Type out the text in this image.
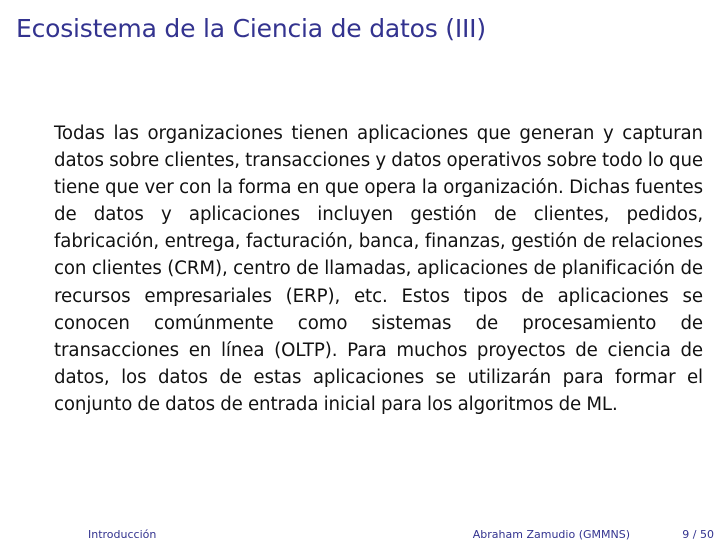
Ecosistema de la Ciencia de datos (III)
Todas las organizaciones tienen aplicaciones que generan y capturan datos sobre clientes, transacciones y datos operativos sobre todo lo que tiene que ver con la forma en que opera la organización. Dichas fuentes de datos y aplicaciones incluyen gestión de clientes, pedidos, fabricación, entrega, facturación, banca, finanzas, gestión de relaciones con clientes (CRM), centro de llamadas, aplicaciones de planificación de recursos empresariales (ERP), etc. Estos tipos de aplicaciones se conocen comúnmente como sistemas de procesamiento de transacciones en línea (OLTP). Para muchos proyectos de ciencia de datos, los datos de estas aplicaciones se utilizarán para formar el conjunto de datos de entrada inicial para los algoritmos de ML.
Introducción	Abraham Zamudio (GMMNS)	9 / 50
